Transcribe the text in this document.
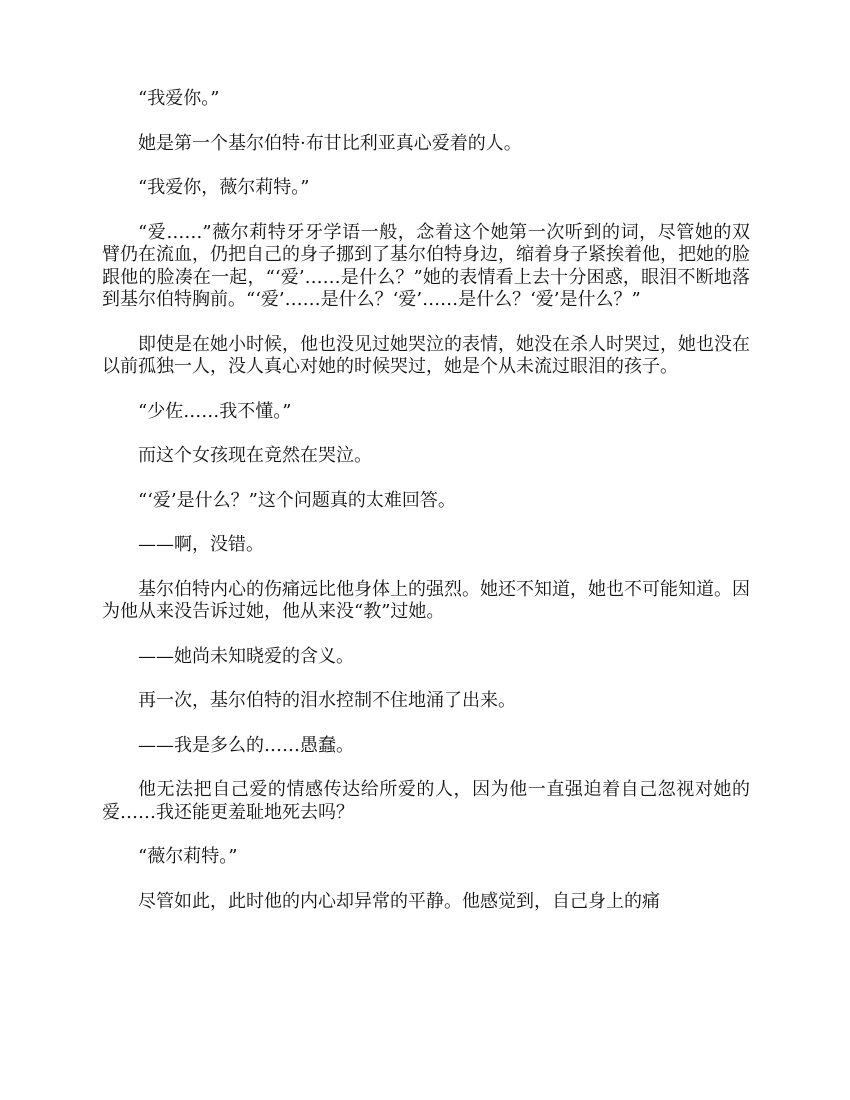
“我爱你。”

她是第一个基尔伯特·布甘比利亚真心爱着的人。

“我爱你，薇尔莉特。”

“爱……”薇尔莉特牙牙学语一般，念着这个她第一次听到的词，尽管她的双臂仍在流血，仍把自己的身子挪到了基尔伯特身边，缩着身子紧挨着他，把她的脸跟他的脸凑在一起，“‘爱’……是什么？”她的表情看上去十分困惑，眼泪不断地落到基尔伯特胸前。“‘爱’……是什么？‘爱’……是什么？‘爱’是什么？”

即使是在她小时候，他也没见过她哭泣的表情，她没在杀人时哭过，她也没在以前孤独一人，没人真心对她的时候哭过，她是个从未流过眼泪的孩子。

“少佐……我不懂。”

而这个女孩现在竟然在哭泣。

“‘爱’是什么？”这个问题真的太难回答。

——啊，没错。

基尔伯特内心的伤痛远比他身体上的强烈。她还不知道，她也不可能知道。因为他从来没告诉过她，他从来没“教”过她。

——她尚未知晓爱的含义。

再一次，基尔伯特的泪水控制不住地涌了出来。

——我是多么的……愚蠢。

他无法把自己爱的情感传达给所爱的人，因为他一直强迫着自己忽视对她的爱……我还能更羞耻地死去吗？

“薇尔莉特。”

尽管如此，此时他的内心却异常的平静。他感觉到，自己身上的痛
